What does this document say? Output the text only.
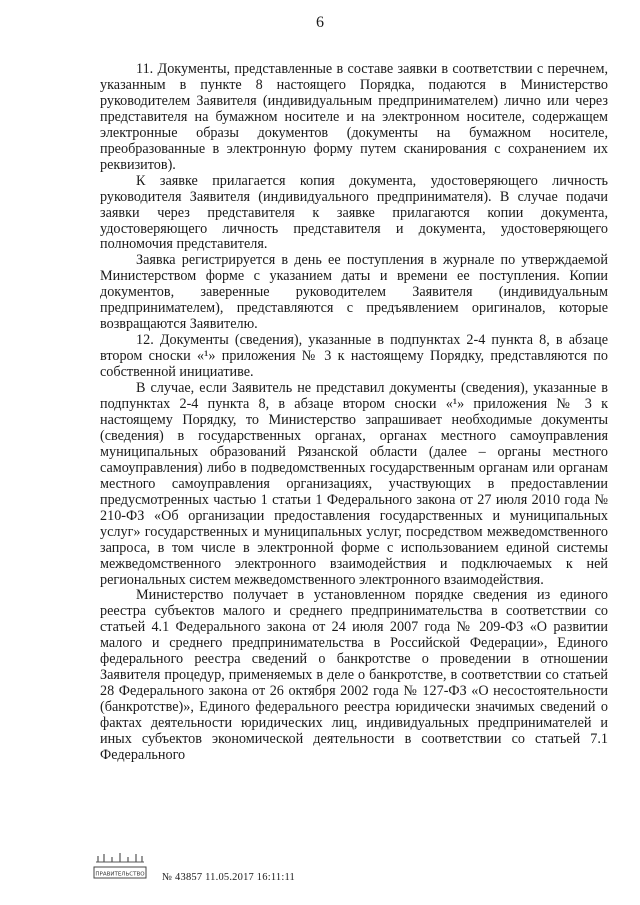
6

11. Документы, представленные в составе заявки в соответствии с перечнем, указанным в пункте 8 настоящего Порядка, подаются в Министерство руководителем Заявителя (индивидуальным предпринимателем) лично или через представителя на бумажном носителе и на электронном носителе, содержащем электронные образы документов (документы на бумажном носителе, преобразованные в электронную форму путем сканирования с сохранением их реквизитов).

К заявке прилагается копия документа, удостоверяющего личность руководителя Заявителя (индивидуального предпринимателя). В случае подачи заявки через представителя к заявке прилагаются копии документа, удостоверяющего личность представителя и документа, удостоверяющего полномочия представителя.

Заявка регистрируется в день ее поступления в журнале по утверждаемой Министерством форме с указанием даты и времени ее поступления. Копии документов, заверенные руководителем Заявителя (индивидуальным предпринимателем), представляются с предъявлением оригиналов, которые возвращаются Заявителю.

12. Документы (сведения), указанные в подпунктах 2-4 пункта 8, в абзаце втором сноски «¹» приложения № 3 к настоящему Порядку, представляются по собственной инициативе.

В случае, если Заявитель не представил документы (сведения), указанные в подпунктах 2-4 пункта 8, в абзаце втором сноски «¹» приложения № 3 к настоящему Порядку, то Министерство запрашивает необходимые документы (сведения) в государственных органах, органах местного самоуправления муниципальных образований Рязанской области (далее – органы местного самоуправления) либо в подведомственных государственным органам или органам местного самоуправления организациях, участвующих в предоставлении предусмотренных частью 1 статьи 1 Федерального закона от 27 июля 2010 года № 210-ФЗ «Об организации предоставления государственных и муниципальных услуг» государственных и муниципальных услуг, посредством межведомственного запроса, в том числе в электронной форме с использованием единой системы межведомственного электронного взаимодействия и подключаемых к ней региональных систем межведомственного электронного взаимодействия.

Министерство получает в установленном порядке сведения из единого реестра субъектов малого и среднего предпринимательства в соответствии со статьей 4.1 Федерального закона от 24 июля 2007 года № 209-ФЗ «О развитии малого и среднего предпринимательства в Российской Федерации», Единого федерального реестра сведений о банкротстве о проведении в отношении Заявителя процедур, применяемых в деле о банкротстве, в соответствии со статьей 28 Федерального закона от 26 октября 2002 года № 127-ФЗ «О несостоятельности (банкротстве)», Единого федерального реестра юридически значимых сведений о фактах деятельности юридических лиц, индивидуальных предпринимателей и иных субъектов экономической деятельности в соответствии со статьей 7.1 Федерального

ПРАВИТЕЛЬСТВО № 43857 11.05.2017 16:11:11
